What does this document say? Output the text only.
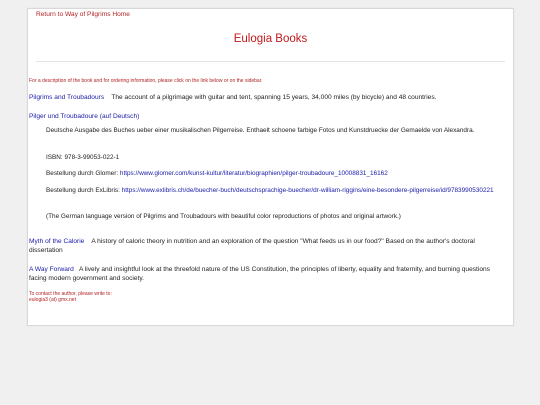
Return to Way of Pilgrims Home
Eulogia Books
For a description of the book and for ordering information, please click on the link below or on the sidebar.
Pilgrims and Troubadours The account of a pilgrimage with guitar and tent, spanning 15 years, 34,000 miles (by bicycle) and 48 countries.
Pilger und Troubadoure (auf Deutsch)
Deutsche Ausgabe des Buches ueber einer musikalischen Pilgerreise. Enthaelt schoene farbige Fotos und Kunstdruecke der Gemaelde von Alexandra.
ISBN: 978-3-99053-022-1
Bestellung durch Glomer: https://www.glomer.com/kunst-kultur/literatur/biographien/pilger-troubadoure_10008831_16162
Bestellung durch ExLibris: https://www.exlibris.ch/de/buecher-buch/deutschsprachige-buecher/dr-william-riggins/eine-besondere-pilgerreise/id/9783990530221
(The German language version of Pilgrims and Troubadours with beautiful color reproductions of photos and original artwork.)
Myth of the Calorie A history of caloric theory in nutrition and an exploration of the question "What feeds us in our food?" Based on the author's doctoral dissertation
A Way Forward A lively and insightful look at the threefold nature of the US Constitution, the principles of liberty, equality and fraternity, and burning questions facing modern government and society.
To contact the author, please write to:
eulogia3 (at) gmx.net
